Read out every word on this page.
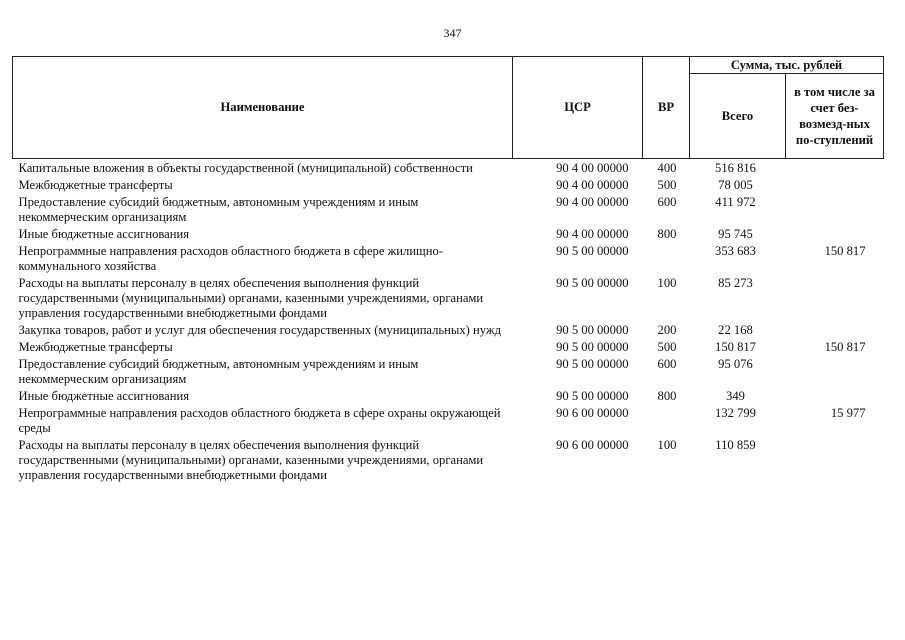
347
Наименование	ЦСР	ВР	Сумма, тыс. рублей	
			Всего	в том числе за счет без-возмезд-ных по-ступлений
Капитальные вложения в объекты государственной (муниципальной) собственности	90 4 00 00000	400	516 816	
Межбюджетные трансферты	90 4 00 00000	500	78 005	
Предоставление субсидий бюджетным, автономным учреждениям и иным некоммерческим организациям	90 4 00 00000	600	411 972	
Иные бюджетные ассигнования	90 4 00 00000	800	95 745	
Непрограммные направления расходов областного бюджета в сфере жилищно-коммунального хозяйства	90 5 00 00000		353 683	150 817
Расходы на выплаты персоналу в целях обеспечения выполнения функций государственными (муниципальными) органами, казенными учреждениями, органами управления государственными внебюджетными фондами	90 5 00 00000	100	85 273	
Закупка товаров, работ и услуг для обеспечения государственных (муниципальных) нужд	90 5 00 00000	200	22 168	
Межбюджетные трансферты	90 5 00 00000	500	150 817	150 817
Предоставление субсидий бюджетным, автономным учреждениям и иным некоммерческим организациям	90 5 00 00000	600	95 076	
Иные бюджетные ассигнования	90 5 00 00000	800	349	
Непрограммные направления расходов областного бюджета в сфере охраны окружающей среды	90 6 00 00000		132 799	15 977
Расходы на выплаты персоналу в целях обеспечения выполнения функций государственными (муниципальными) органами, казенными учреждениями, органами управления государственными внебюджетными фондами	90 6 00 00000	100	110 859	
